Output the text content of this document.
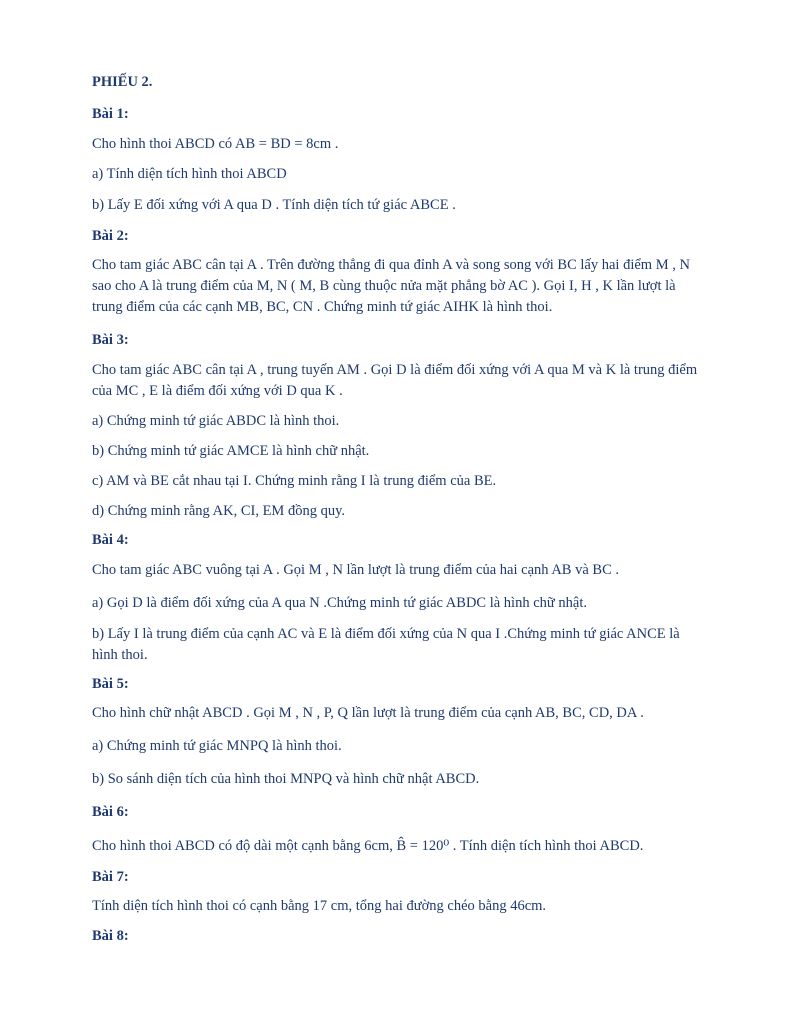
PHIẾU 2.
Bài 1:
Cho hình thoi ABCD có AB = BD = 8cm .
a) Tính diện tích hình thoi ABCD
b) Lấy E đối xứng với A qua D . Tính diện tích tứ giác ABCE .
Bài 2:
Cho tam giác ABC cân tại A . Trên đường thẳng đi qua đỉnh A và song song với BC lấy hai điểm M , N sao cho A là trung điểm của M, N ( M, B cùng thuộc nửa mặt phẳng bờ AC ). Gọi I, H , K lần lượt là trung điểm của các cạnh MB, BC, CN . Chứng minh tứ giác AIHK là hình thoi.
Bài 3:
Cho tam giác ABC cân tại A , trung tuyến AM . Gọi D là điểm đối xứng với A qua M và K là trung điểm của MC , E là điểm đối xứng với D qua K .
a) Chứng minh tứ giác ABDC là hình thoi.
b) Chứng minh tứ giác AMCE là hình chữ nhật.
c) AM và BE cắt nhau tại I. Chứng minh rằng I là trung điểm của BE.
d) Chứng minh rằng AK, CI, EM đồng quy.
Bài 4:
Cho tam giác ABC vuông tại A . Gọi M , N lần lượt là trung điểm của hai cạnh AB và BC .
a) Gọi D là điểm đối xứng của A qua N .Chứng minh tứ giác ABDC là hình chữ nhật.
b) Lấy I là trung điểm của cạnh AC và E là điểm đối xứng của N qua I .Chứng minh tứ giác ANCE là hình thoi.
Bài 5:
Cho hình chữ nhật ABCD . Gọi M , N , P, Q lần lượt là trung điểm của cạnh AB, BC, CD, DA .
a) Chứng minh tứ giác MNPQ là hình thoi.
b) So sánh diện tích của hình thoi MNPQ và hình chữ nhật ABCD.
Bài 6:
Cho hình thoi ABCD có độ dài một cạnh bằng 6cm, B̂ = 120⁰ . Tính diện tích hình thoi ABCD.
Bài 7:
Tính diện tích hình thoi có cạnh bằng 17 cm, tổng hai đường chéo bằng 46cm.
Bài 8:
